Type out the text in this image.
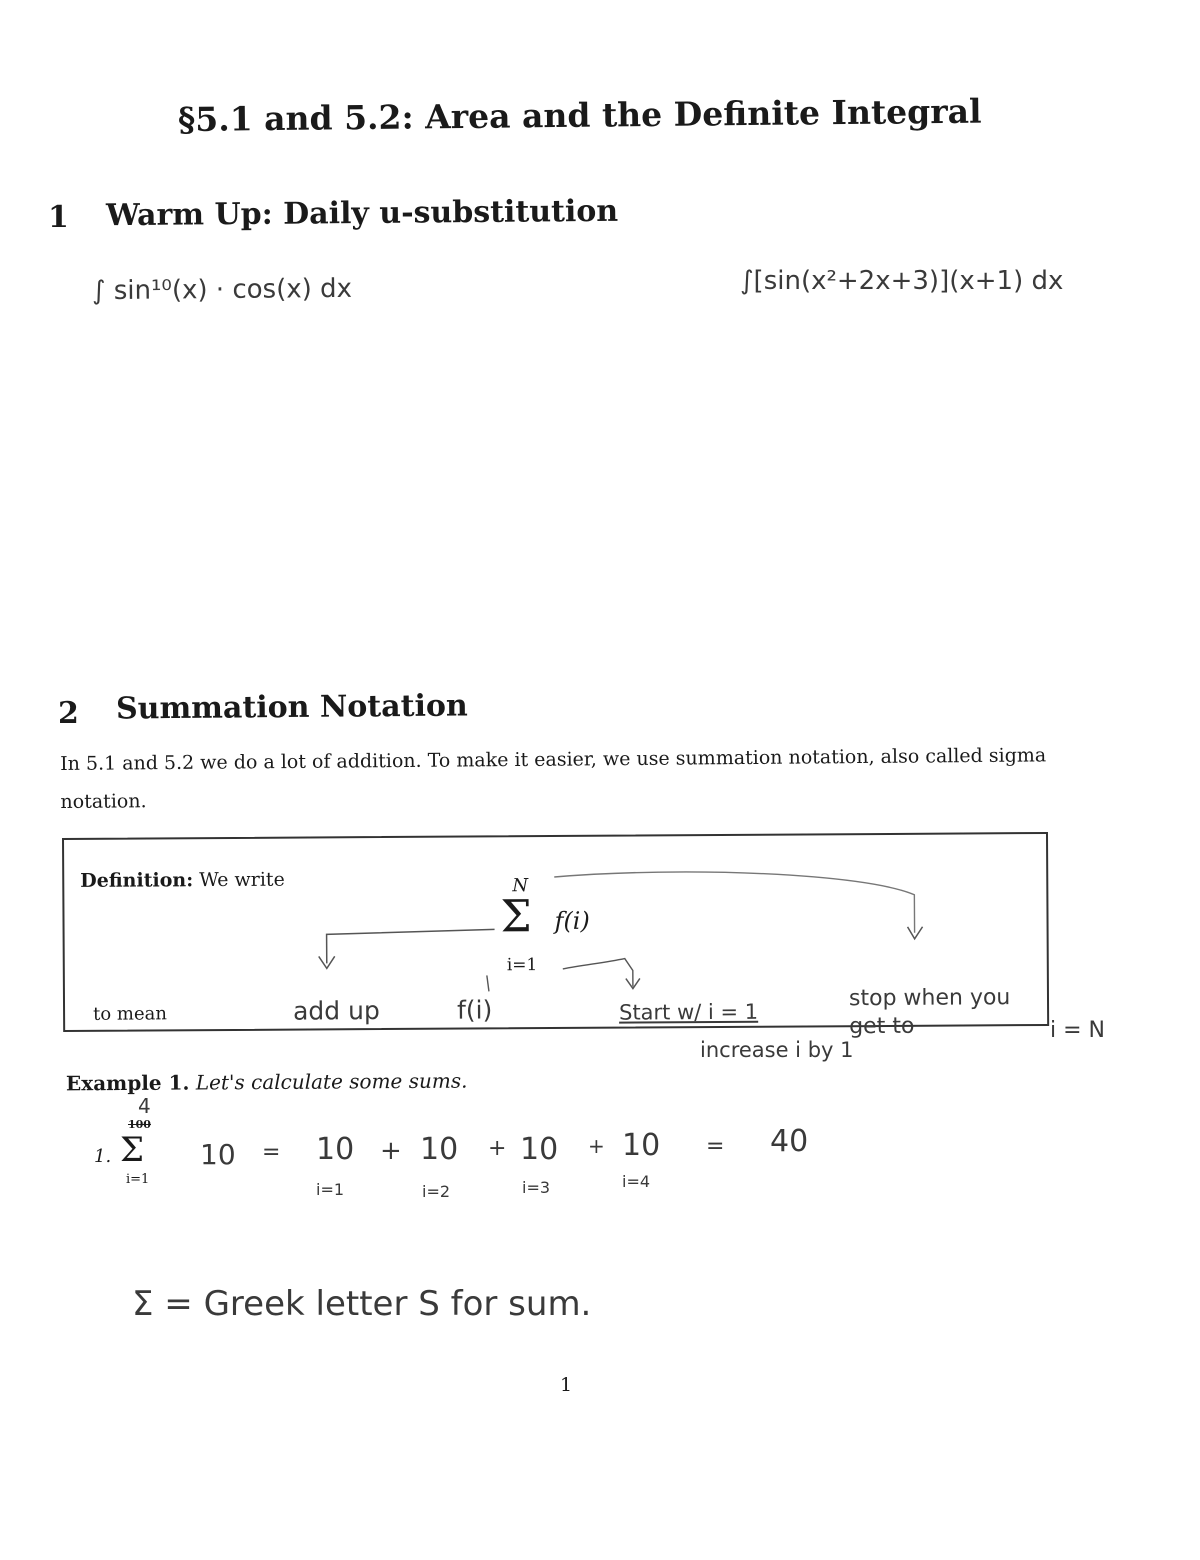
§5.1 and 5.2: Area and the Definite Integral
1 Warm Up: Daily u-substitution
∫ sin¹⁰(x) · cos(x) dx	∫[sin(x²+2x+3)](x+1) dx
2 Summation Notation
In 5.1 and 5.2 we do a lot of addition. To make it easier, we use summation notation, also called sigma notation.
Definition: We write	N
Σ f(i)
i=1
to mean	add up	f(i)	Start w/ i = 1
stop when you get to
increase i by 1
i = N
Example 1. Let's calculate some sums.
1.
4
100
Σ
i=1
10 = 10 + 10 + 10 + 10 = 40
i=1	i=2	i=3	i=4
Σ = Greek letter S for sum.
1
